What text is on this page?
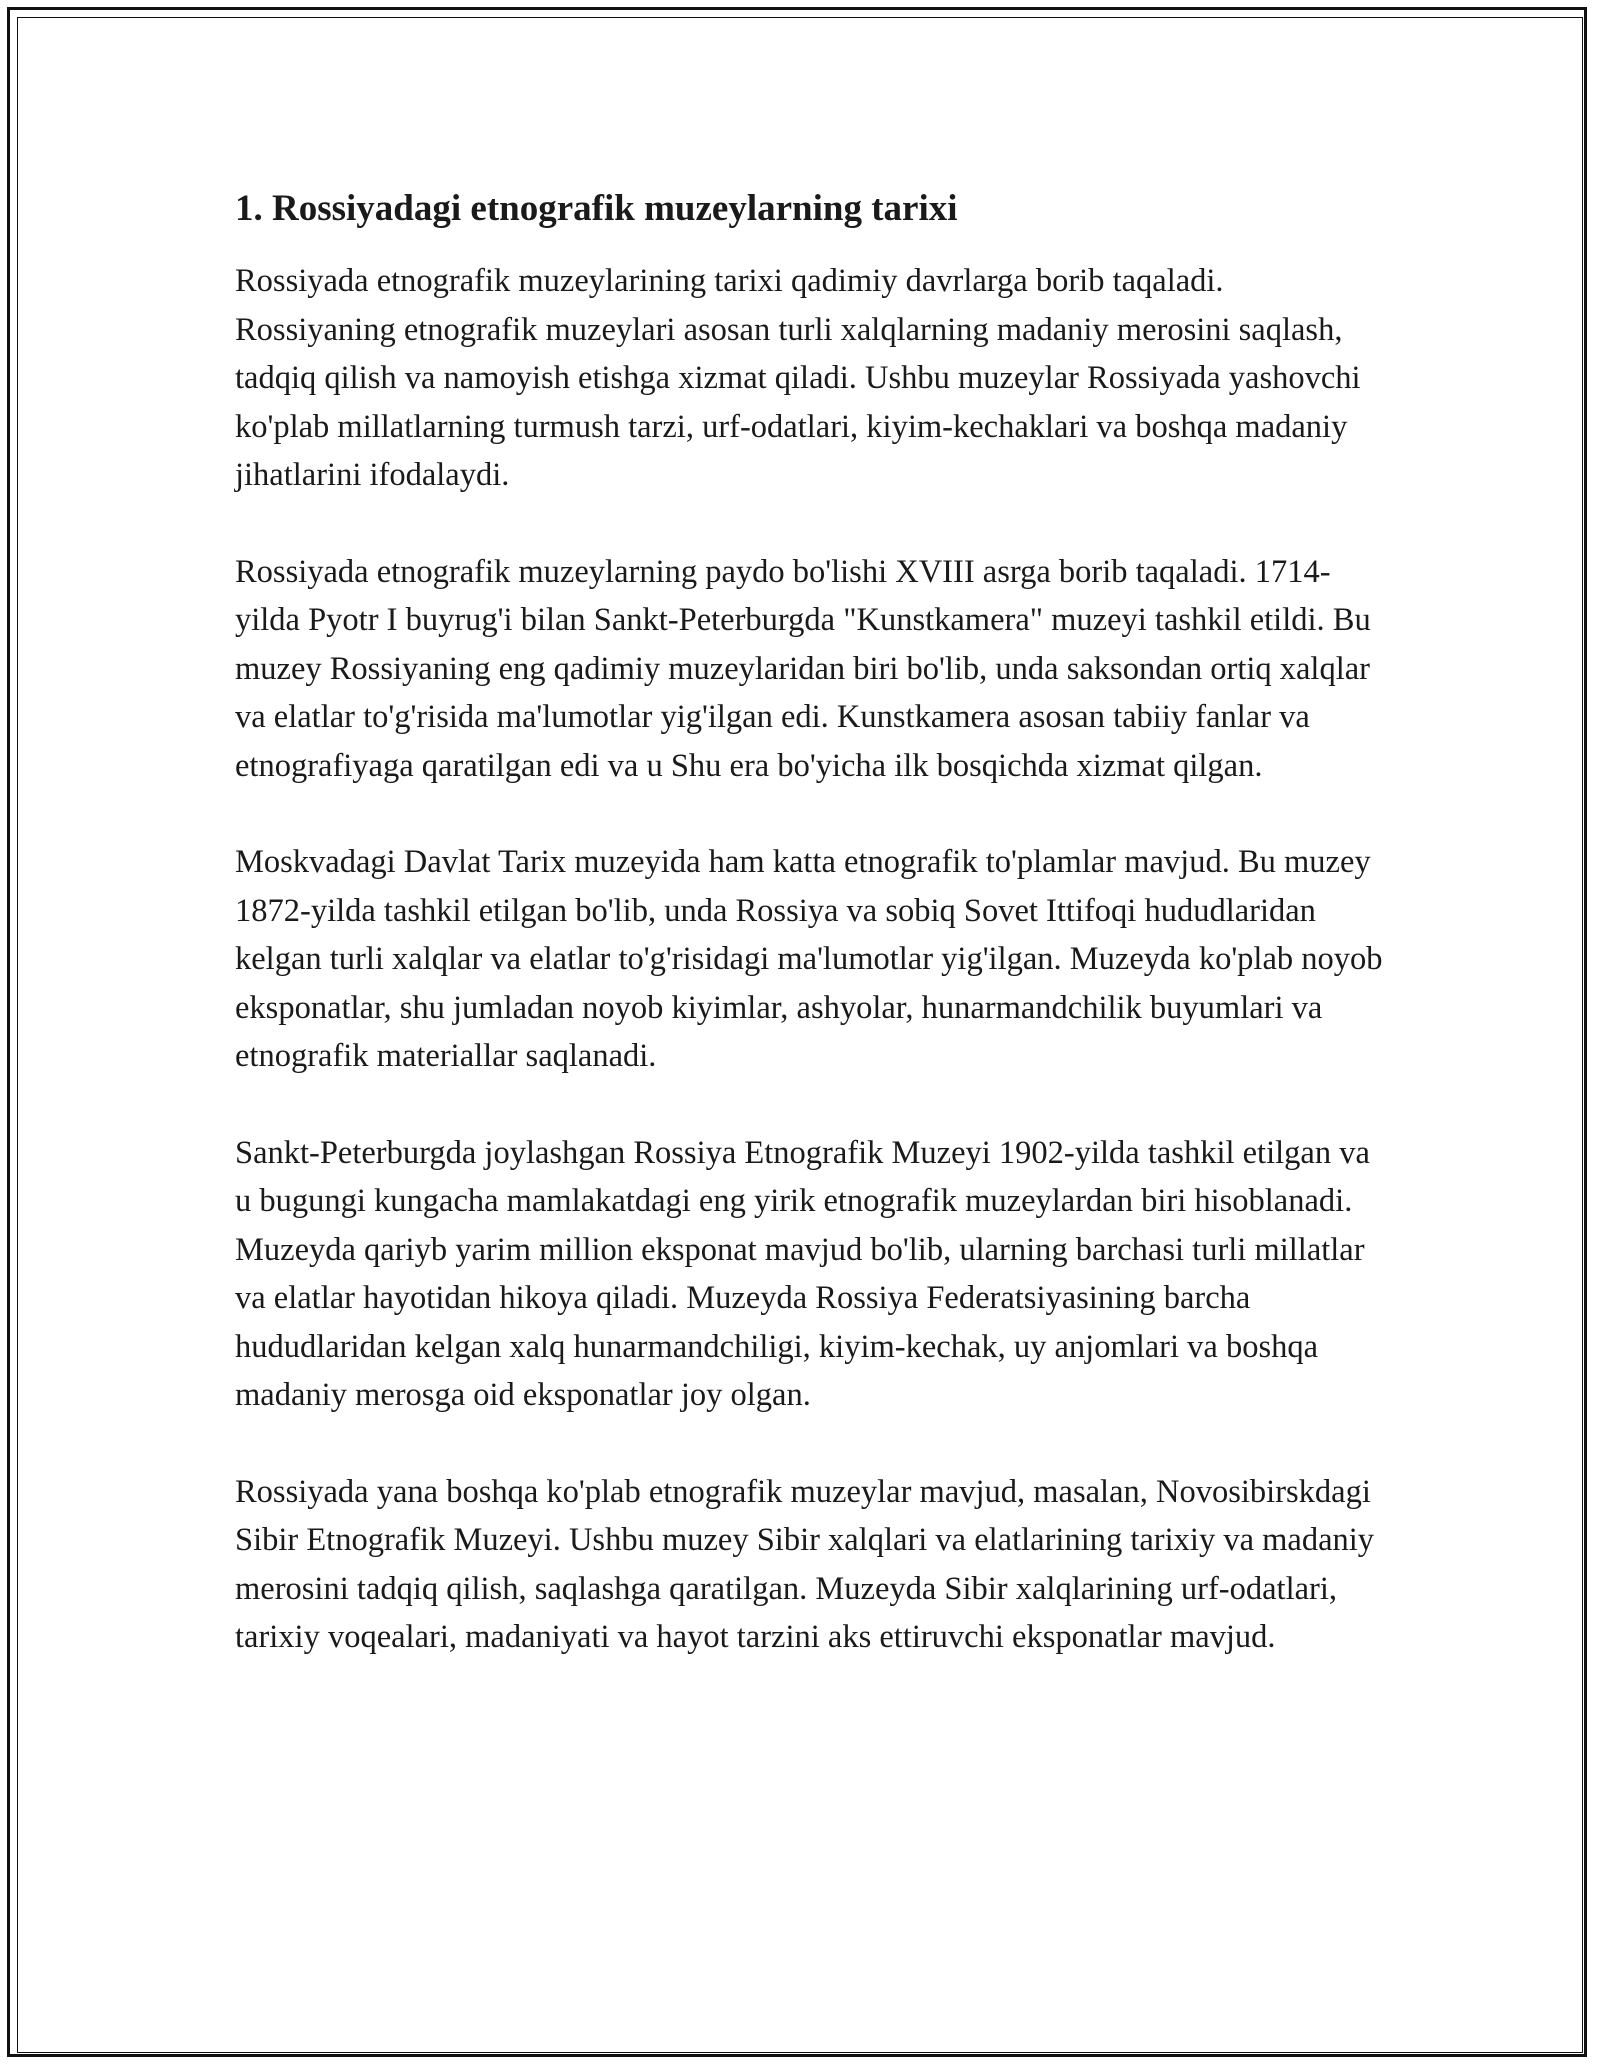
1. Rossiyadagi etnografik muzeylarning tarixi

Rossiyada etnografik muzeylarining tarixi qadimiy davrlarga borib taqaladi. Rossiyaning etnografik muzeylari asosan turli xalqlarning madaniy merosini saqlash, tadqiq qilish va namoyish etishga xizmat qiladi. Ushbu muzeylar Rossiyada yashovchi ko'plab millatlarning turmush tarzi, urf-odatlari, kiyim-kechaklari va boshqa madaniy jihatlarini ifodalaydi.

Rossiyada etnografik muzeylarning paydo bo'lishi XVIII asrga borib taqaladi. 1714-yilda Pyotr I buyrug'i bilan Sankt-Peterburgda "Kunstkamera" muzeyi tashkil etildi. Bu muzey Rossiyaning eng qadimiy muzeylaridan biri bo'lib, unda saksondan ortiq xalqlar va elatlar to'g'risida ma'lumotlar yig'ilgan edi. Kunstkamera asosan tabiiy fanlar va etnografiyaga qaratilgan edi va u Shu era bo'yicha ilk bosqichda xizmat qilgan.

Moskvadagi Davlat Tarix muzeyida ham katta etnografik to'plamlar mavjud. Bu muzey 1872-yilda tashkil etilgan bo'lib, unda Rossiya va sobiq Sovet Ittifoqi hududlaridan kelgan turli xalqlar va elatlar to'g'risidagi ma'lumotlar yig'ilgan. Muzeyda ko'plab noyob eksponatlar, shu jumladan noyob kiyimlar, ashyolar, hunarmandchilik buyumlari va etnografik materiallar saqlanadi.

Sankt-Peterburgda joylashgan Rossiya Etnografik Muzeyi 1902-yilda tashkil etilgan va u bugungi kungacha mamlakatdagi eng yirik etnografik muzeylardan biri hisoblanadi. Muzeyda qariyb yarim million eksponat mavjud bo'lib, ularning barchasi turli millatlar va elatlar hayotidan hikoya qiladi. Muzeyda Rossiya Federatsiyasining barcha hududlaridan kelgan xalq hunarmandchiligi, kiyim-kechak, uy anjomlari va boshqa madaniy merosga oid eksponatlar joy olgan.

Rossiyada yana boshqa ko'plab etnografik muzeylar mavjud, masalan, Novosibirskdagi Sibir Etnografik Muzeyi. Ushbu muzey Sibir xalqlari va elatlarining tarixiy va madaniy merosini tadqiq qilish, saqlashga qaratilgan. Muzeyda Sibir xalqlarining urf-odatlari, tarixiy voqealari, madaniyati va hayot tarzini aks ettiruvchi eksponatlar mavjud.
